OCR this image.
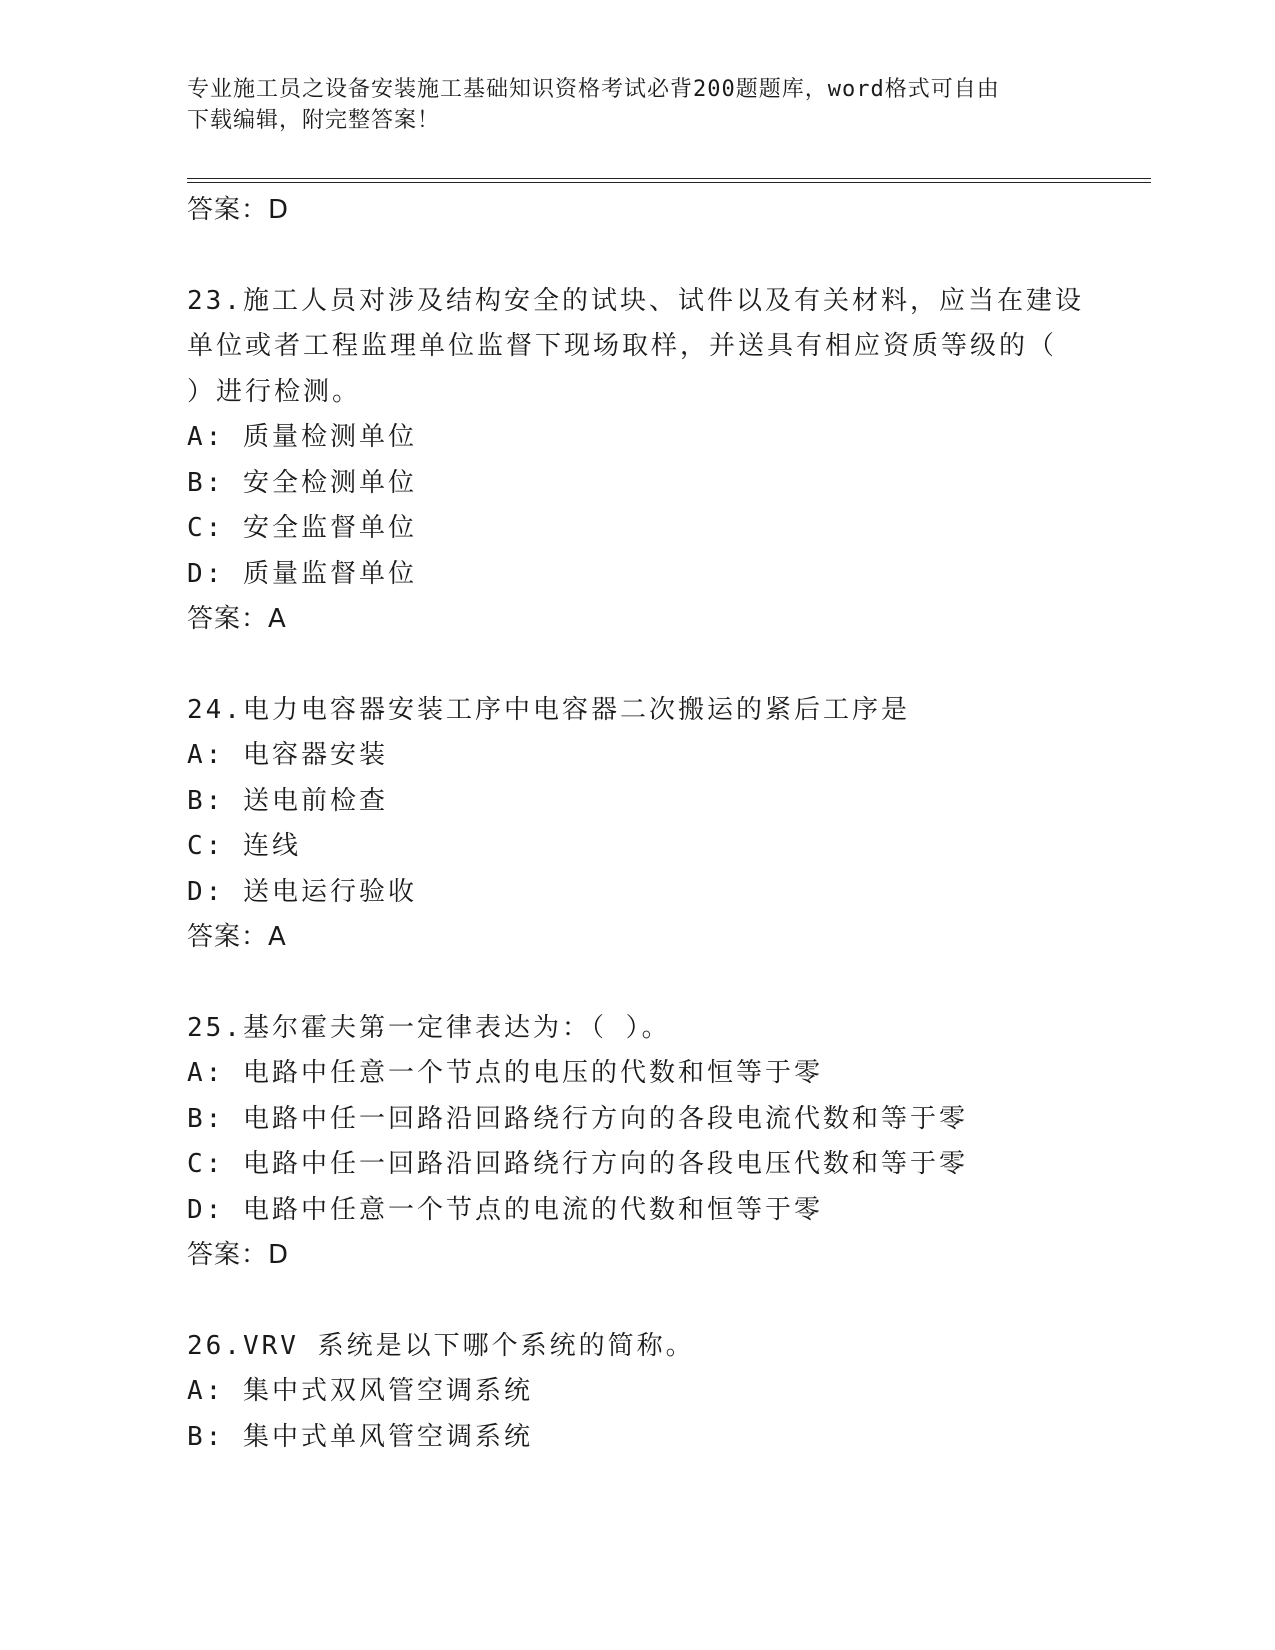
专业施工员之设备安装施工基础知识资格考试必背200题题库，word格式可自由
下载编辑，附完整答案！
答案：D
23.施工人员对涉及结构安全的试块、试件以及有关材料，应当在建设
单位或者工程监理单位监督下现场取样，并送具有相应资质等级的（
）进行检测。
A: 质量检测单位
B: 安全检测单位
C: 安全监督单位
D: 质量监督单位
答案：A
24.电力电容器安装工序中电容器二次搬运的紧后工序是
A: 电容器安装
B: 送电前检查
C: 连线
D: 送电运行验收
答案：A
25.基尔霍夫第一定律表达为：（ ）。
A: 电路中任意一个节点的电压的代数和恒等于零
B: 电路中任一回路沿回路绕行方向的各段电流代数和等于零
C: 电路中任一回路沿回路绕行方向的各段电压代数和等于零
D: 电路中任意一个节点的电流的代数和恒等于零
答案：D
26.VRV 系统是以下哪个系统的简称。
A: 集中式双风管空调系统
B: 集中式单风管空调系统
